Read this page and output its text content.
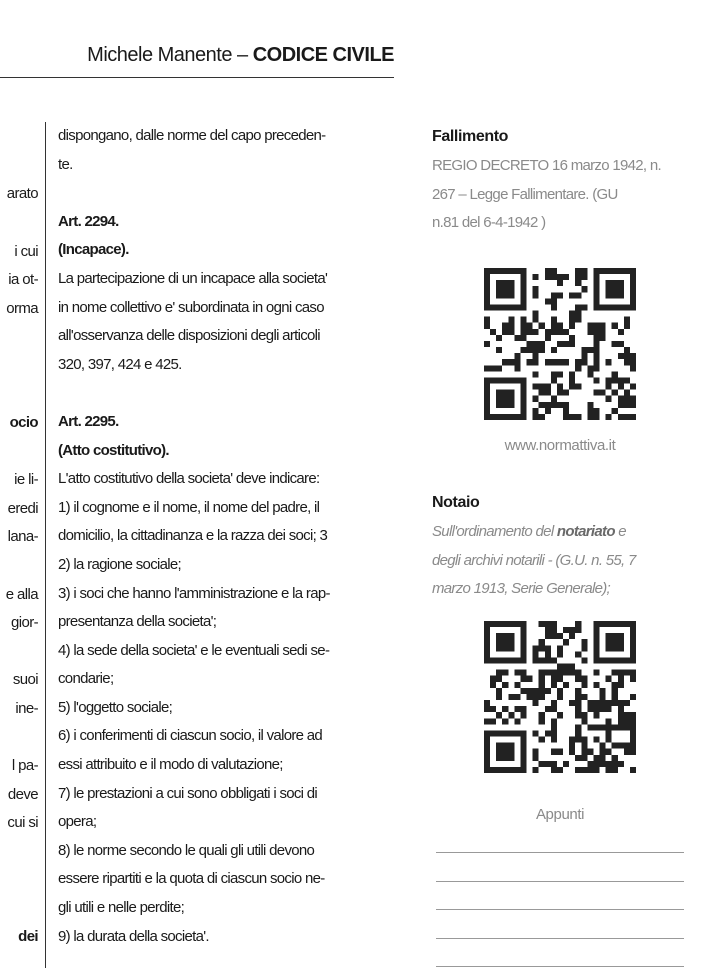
Michele Manente – CODICE CIVILE
arato
i cui
ia ot-
orma
ocio
ie li-
eredi
lana-
e alla
gior-
suoi
ine-
l pa-
deve
cui si
dei
dispongano, dalle norme del capo preceden-
te.
Art. 2294.
(Incapace).
La partecipazione di un incapace alla societa'
in nome collettivo e' subordinata in ogni caso
all'osservanza delle disposizioni degli articoli
320, 397, 424 e 425.
Art. 2295.
(Atto costitutivo).
L'atto costitutivo della societa' deve indicare:
1) il cognome e il nome, il nome del padre, il
domicilio, la cittadinanza e la razza dei soci; 3
2) la ragione sociale;
3) i soci che hanno l'amministrazione e la rap-
presentanza della societa';
4) la sede della societa' e le eventuali sedi se-
condarie;
5) l'oggetto sociale;
6) i conferimenti di ciascun socio, il valore ad
essi attribuito e il modo di valutazione;
7) le prestazioni a cui sono obbligati i soci di
opera;
8) le norme secondo le quali gli utili devono
essere ripartiti e la quota di ciascun socio ne-
gli utili e nelle perdite;
9) la durata della societa'.
Fallimento
REGIO DECRETO 16 marzo 1942, n.
267 – Legge Fallimentare. (GU
n.81 del 6-4-1942 )
www.normattiva.it
Notaio
Sull'ordinamento del notariato e
degli archivi notarili - (G.U. n. 55, 7
marzo 1913, Serie Generale);
Appunti
